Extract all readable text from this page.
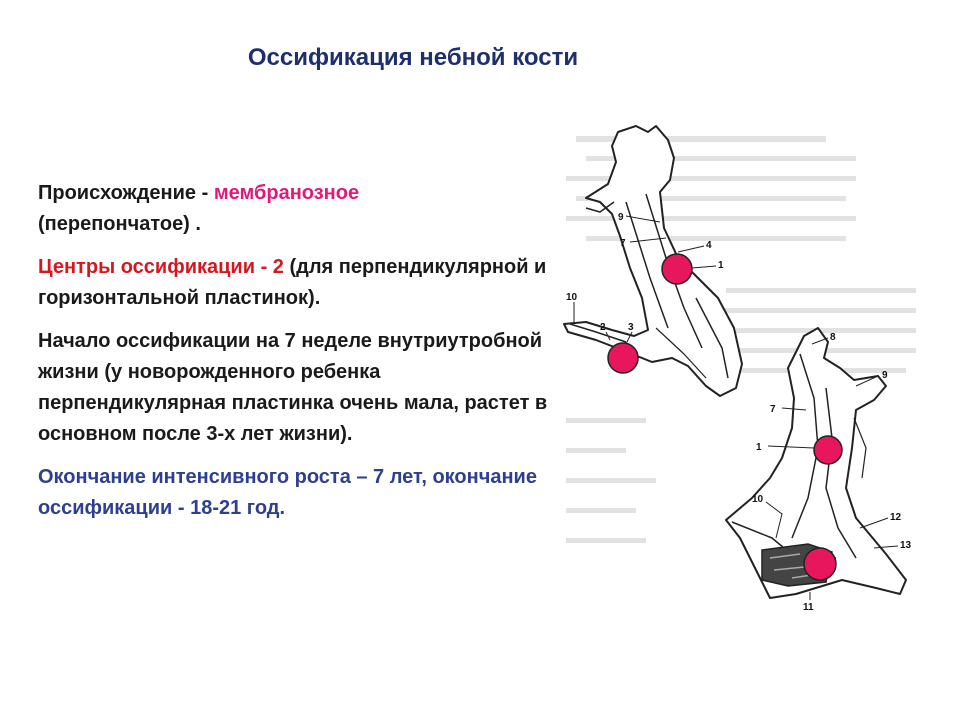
Оссификация небной кости

Происхождение - мембранозное
(перепончатое) .

Центры оссификации - 2 (для перпендикулярной и горизонтальной пластинок).

Начало оссификации на 7 неделе внутриутробной жизни (у новорожденного ребенка перпендикулярная пластинка очень мала, растет в основном после 3-х лет жизни).

Окончание интенсивного роста – 7 лет, окончание оссификации - 18-21 год.

9
7	4
1
10
2 3
8
9
7
1
10
12
13
11
